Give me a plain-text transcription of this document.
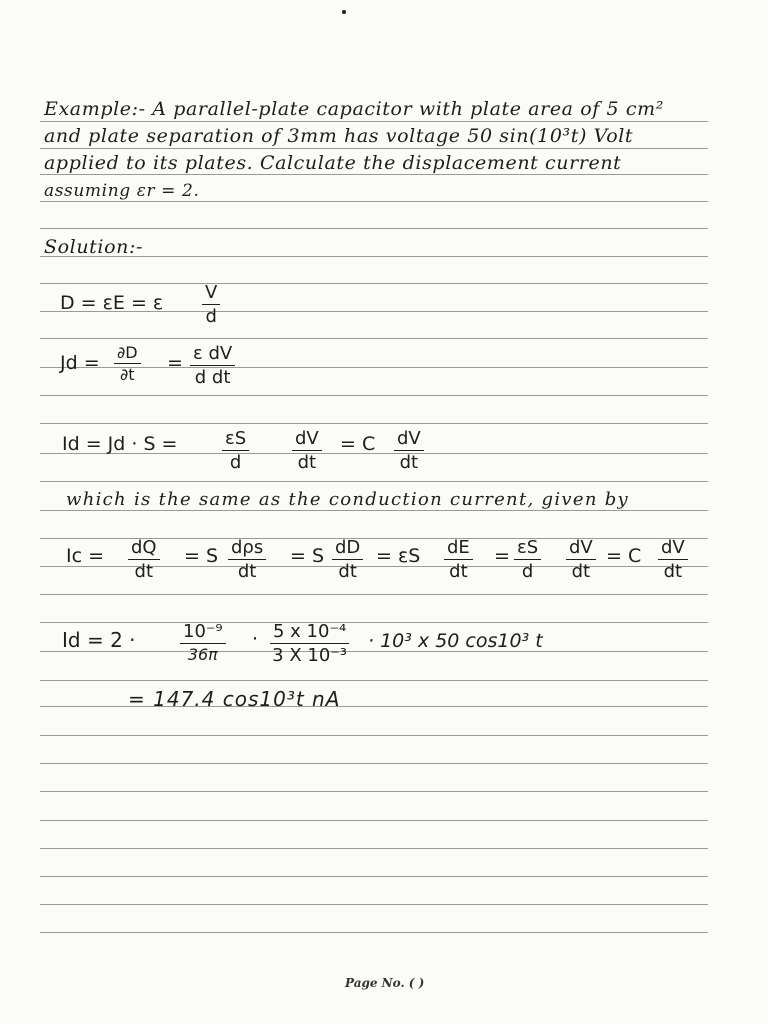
Example:- A parallel-plate capacitor with plate area of 5 cm²
and plate separation of 3mm has voltage 50 sin(10³t) Volt
applied to its plates. Calculate the displacement current
assuming εr = 2.
Solution:-
D = εE = ε $\frac{V}{d}$
$Jd = \frac{\partial D}{\partial t} = \frac{\text{ε dV}}{\text{d dt}}$
$Id = Jd \cdot S = \frac{\varepsilon S}{d} \frac{dV}{dt} = C \frac{dV}{dt}$
which is the same as the conduction current, given by
$Ic = \frac{dQ}{dt} = S$ dρs
dt
= S $\frac{dD}{dt} = \varepsilon S \frac{dE}{dt} = \frac{\varepsilon S}{d} \frac{dV}{dt} = C \frac{dV}{dt}$
$Id = 2 \cdot \frac{\text{10⁻⁹}}{36\pi} \cdot \frac{\text{5 x 10⁻⁴}}{\text{3 X 10⁻³}} \cdot 10^3$ x 50 cos10³ t
= 147.4 cos10³t nA
Page No. ( )
